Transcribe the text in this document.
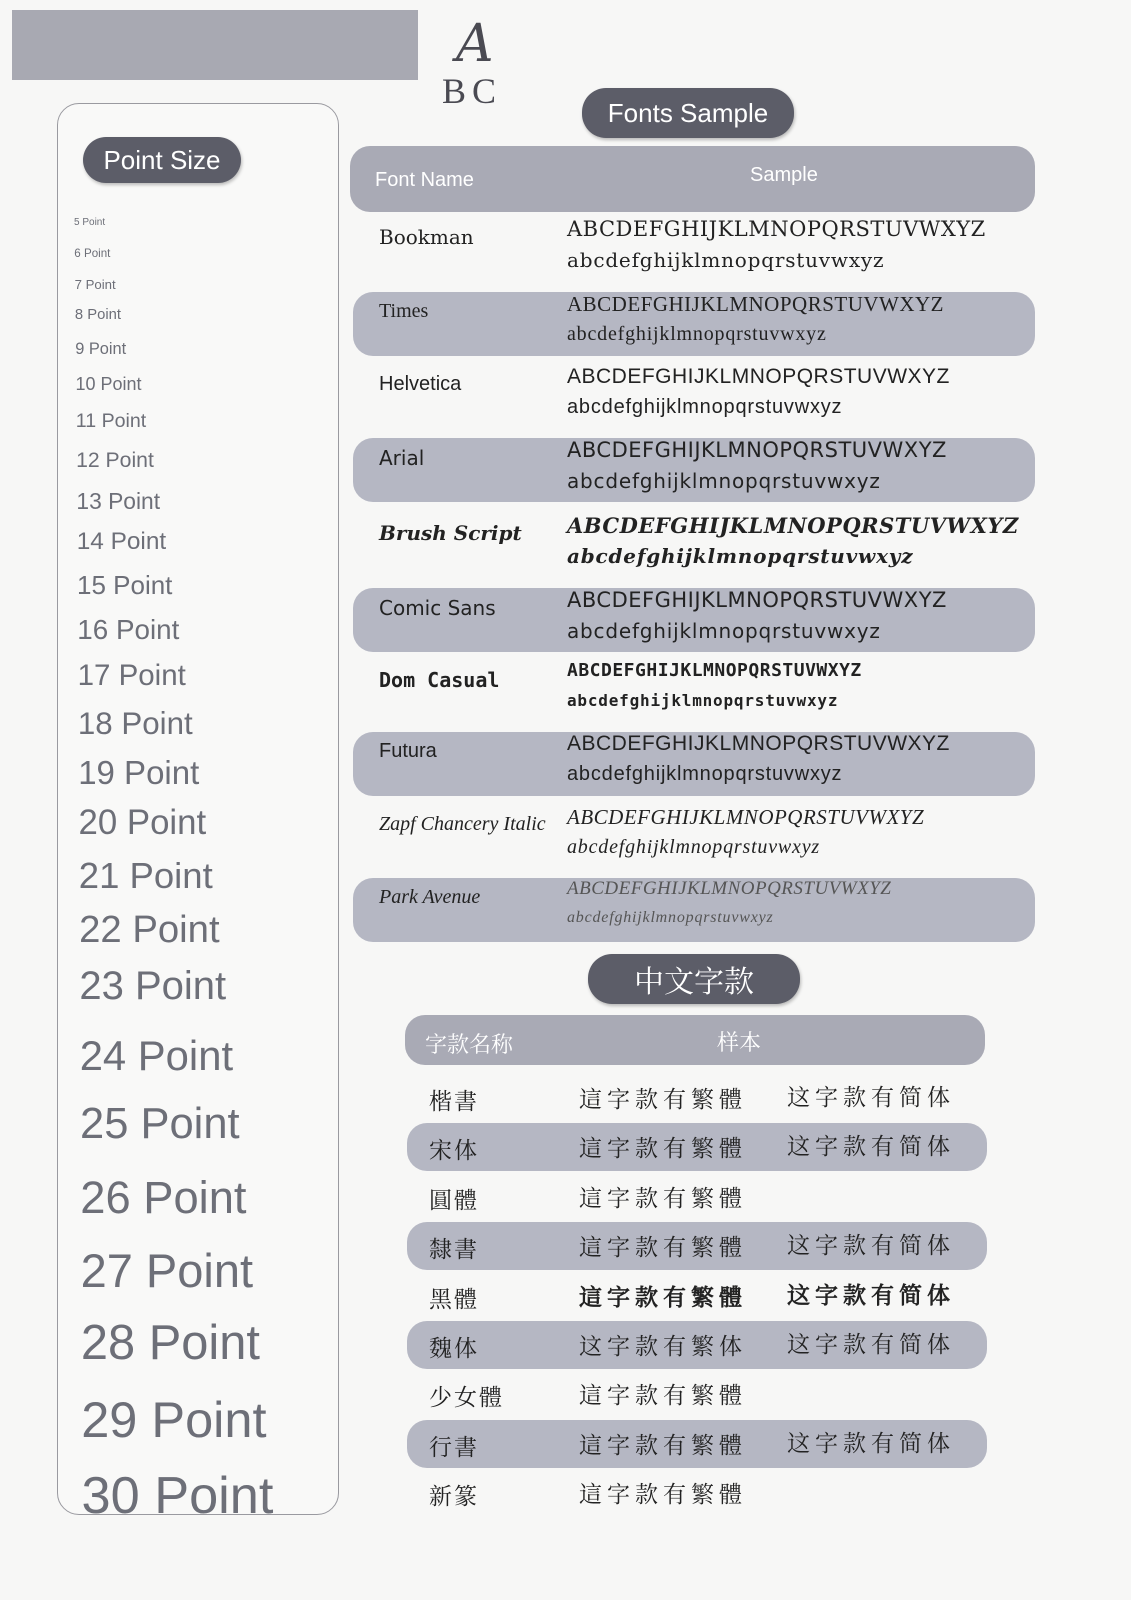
A
BC
Point Size
5 Point
6 Point
7 Point
8 Point
9 Point
10 Point
11 Point
12 Point
13 Point
14 Point
15 Point
16 Point
17 Point
18 Point
19 Point
20 Point
21 Point
22 Point
23 Point
24 Point
25 Point
26 Point
27 Point
28 Point
29 Point
30 Point
Fonts Sample
Font Name	Sample
Bookman	ABCDEFGHIJKLMNOPQRSTUVWXYZ
abcdefghijklmnopqrstuvwxyz
Times	ABCDEFGHIJKLMNOPQRSTUVWXYZ
abcdefghijklmnopqrstuvwxyz
Helvetica	ABCDEFGHIJKLMNOPQRSTUVWXYZ
abcdefghijklmnopqrstuvwxyz
Arial	ABCDEFGHIJKLMNOPQRSTUVWXYZ
abcdefghijklmnopqrstuvwxyz
Brush Script ABCDEFGHIJKLMNOPQRSTUVWXYZ
abcdefghijklmnopqrstuvwxyz
Comic Sans	ABCDEFGHIJKLMNOPQRSTUVWXYZ
abcdefghijklmnopqrstuvwxyz
Dom Casual	ABCDEFGHIJKLMNOPQRSTUVWXYZ
abcdefghijklmnopqrstuvwxyz
Futura	ABCDEFGHIJKLMNOPQRSTUVWXYZ
abcdefghijklmnopqrstuvwxyz
Zapf Chancery Italic ABCDEFGHIJKLMNOPQRSTUVWXYZ
abcdefghijklmnopqrstuvwxyz
Park Avenue	ABCDEFGHIJKLMNOPQRSTUVWXYZ
abcdefghijklmnopqrstuvwxyz
中文字款
字款名称	样本
楷書	這字款有繁體 这字款有简体
宋体	這字款有繁體 这字款有简体
圓體	這字款有繁體
隸書	這字款有繁體 这字款有简体
黑體	這字款有繁體 这字款有简体
魏体	这字款有繁体 这字款有简体
少女體	這字款有繁體
行書	這字款有繁體 这字款有简体
新篆	這字款有繁體
